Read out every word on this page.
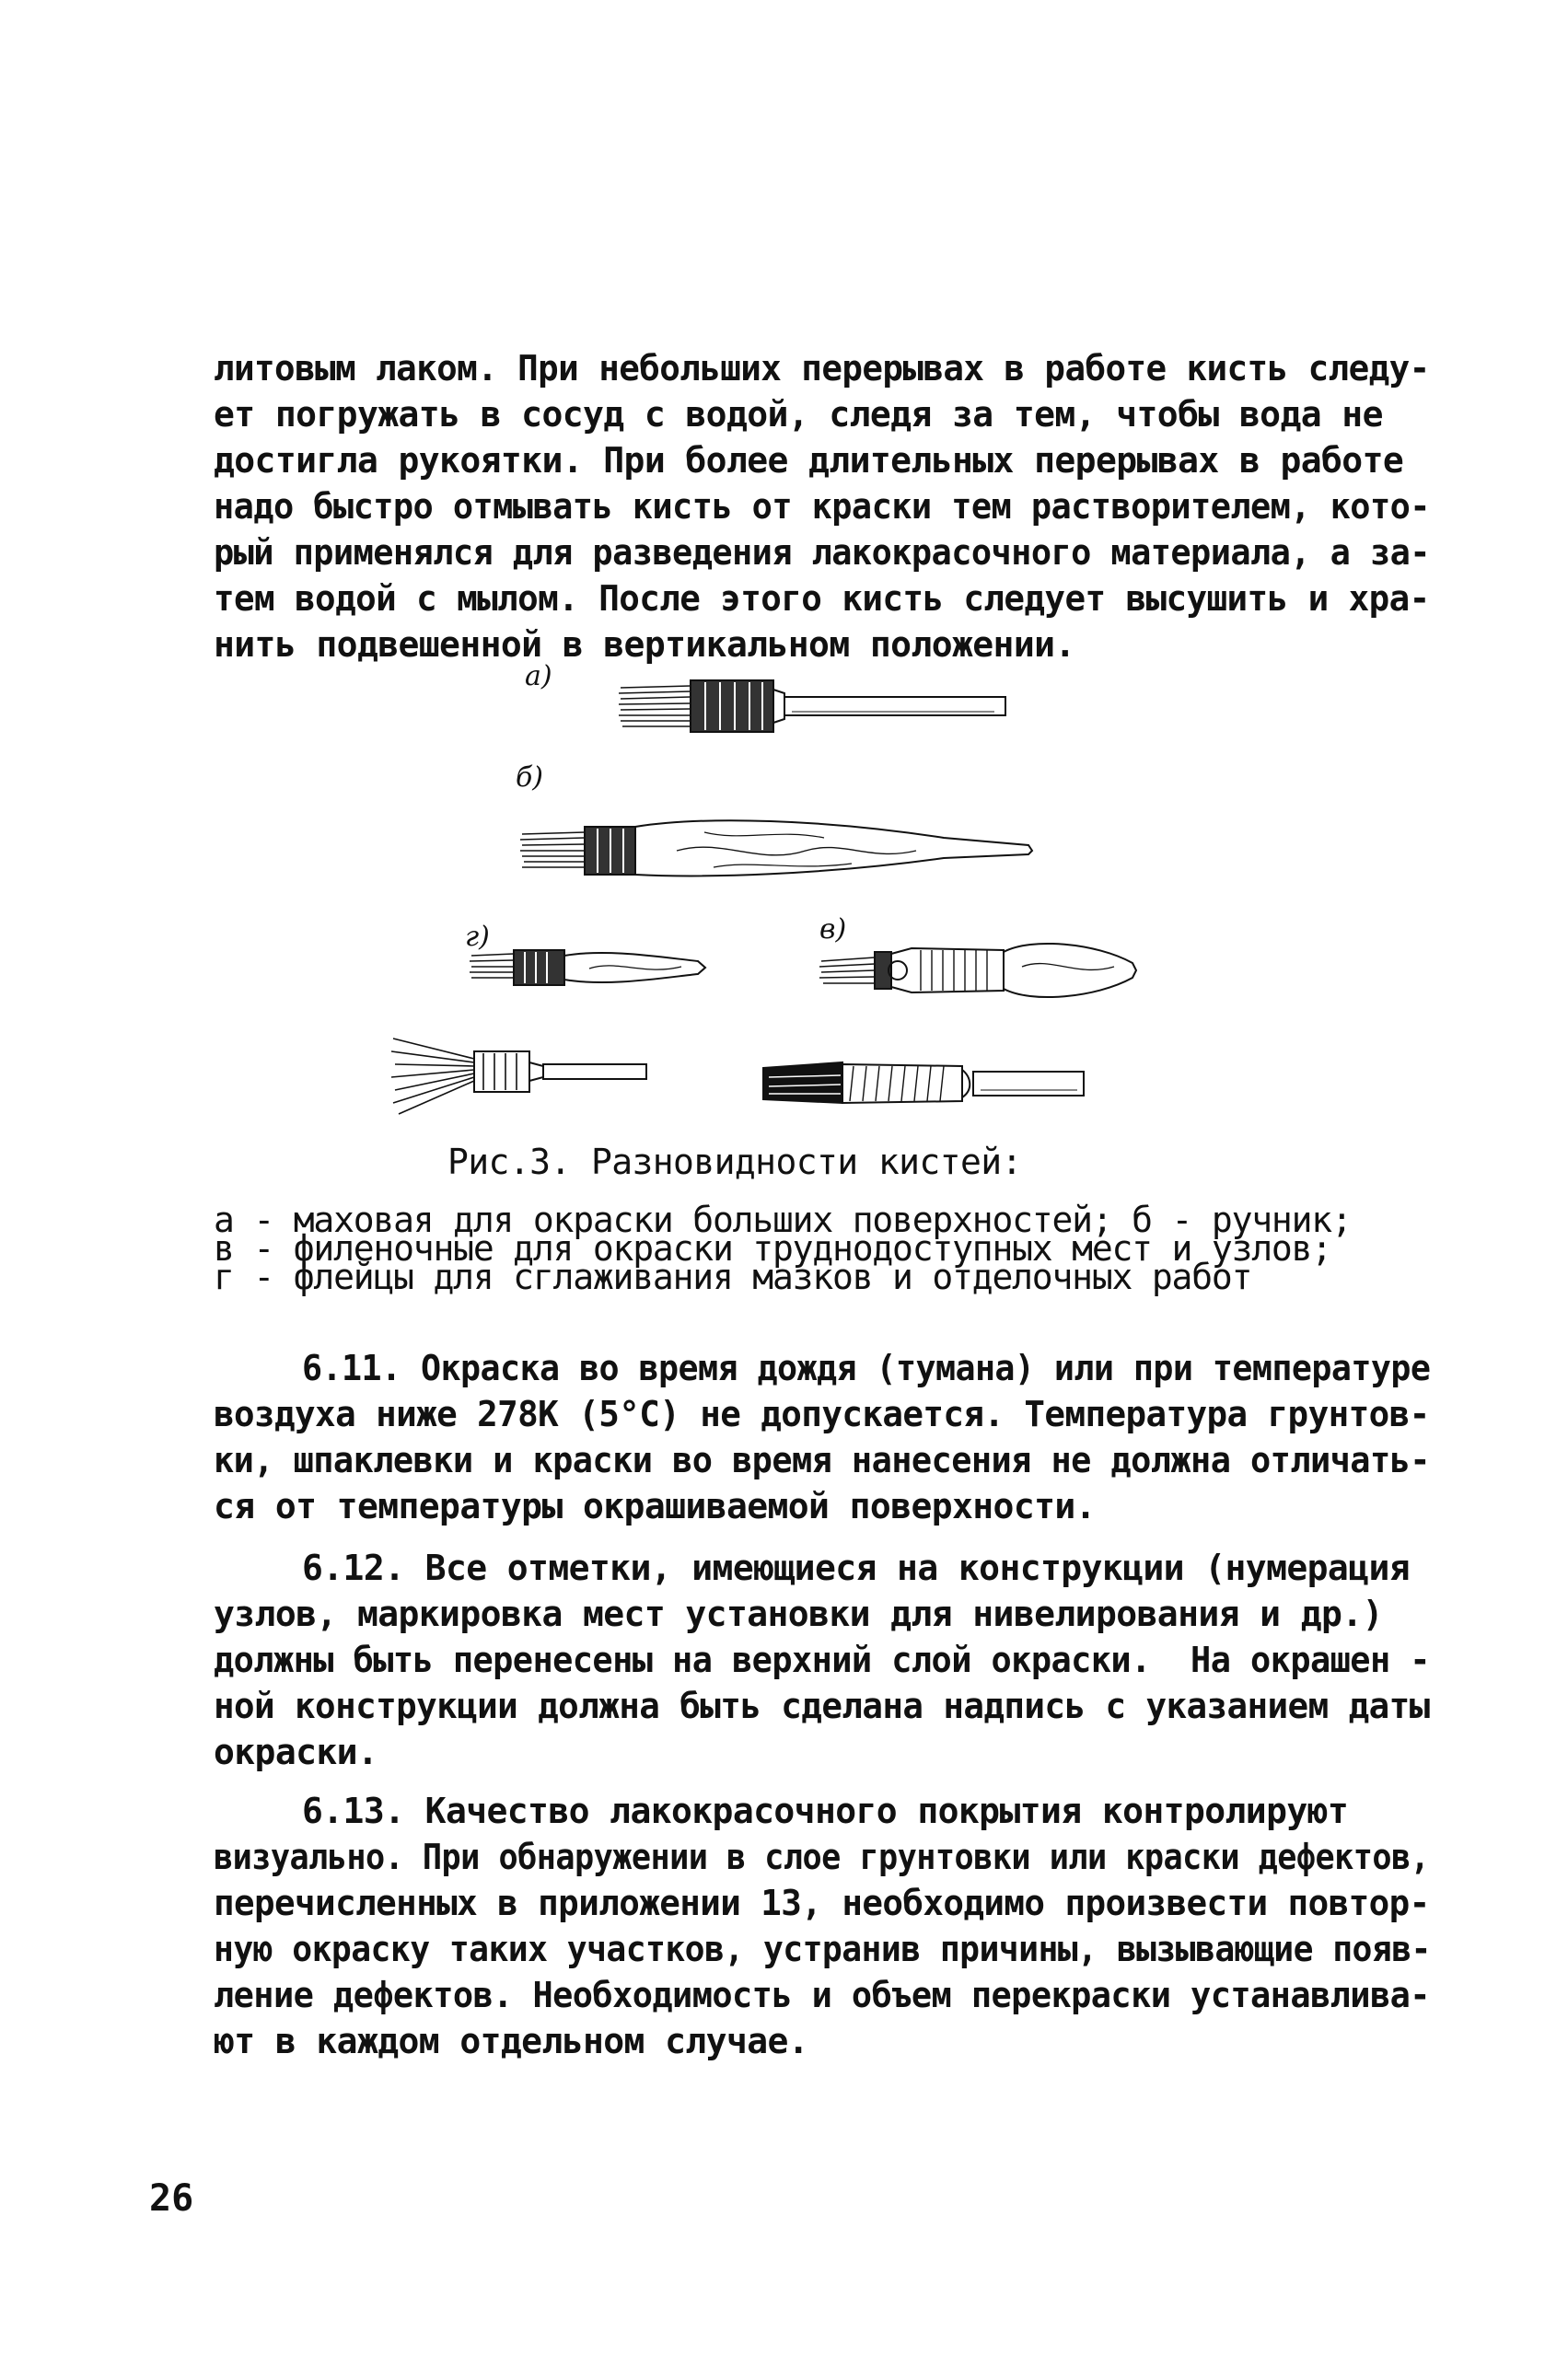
литовым лаком. При небольших перерывах в работе кисть следу-
ет погружать в сосуд с водой, следя за тем, чтобы вода не
достигла рукоятки. При более длительных перерывах в работе
надо быстро отмывать кисть от краски тем растворителем, кото-
рый применялся для разведения лакокрасочного материала, а за-
тем водой с мылом. После этого кисть следует высушить и хра-
нить подвешенной в вертикальном положении.
а)
б)
г)	в)
Рис.3. Разновидности кистей:
а - маховая для окраски больших поверхностей; б - ручник;
в - филеночные для окраски труднодоступных мест и узлов;
г - флейцы для сглаживания мазков и отделочных работ
6.11. Окраска во время дождя (тумана) или при температуре
воздуха ниже 278К (5°С) не допускается. Температура грунтов-
ки, шпаклевки и краски во время нанесения не должна отличать-
ся от температуры окрашиваемой поверхности.
6.12. Все отметки, имеющиеся на конструкции (нумерация
узлов, маркировка мест установки для нивелирования и др.)
должны быть перенесены на верхний слой окраски.  На окрашен -
ной конструкции должна быть сделана надпись с указанием даты
окраски.
6.13. Качество лакокрасочного покрытия контролируют
визуально. При обнаружении в слое грунтовки или краски дефектов,
перечисленных в приложении 13, необходимо произвести повтор-
ную окраску таких участков, устранив причины, вызывающие появ-
ление дефектов. Необходимость и объем перекраски устанавлива-
ют в каждом отдельном случае.
26
